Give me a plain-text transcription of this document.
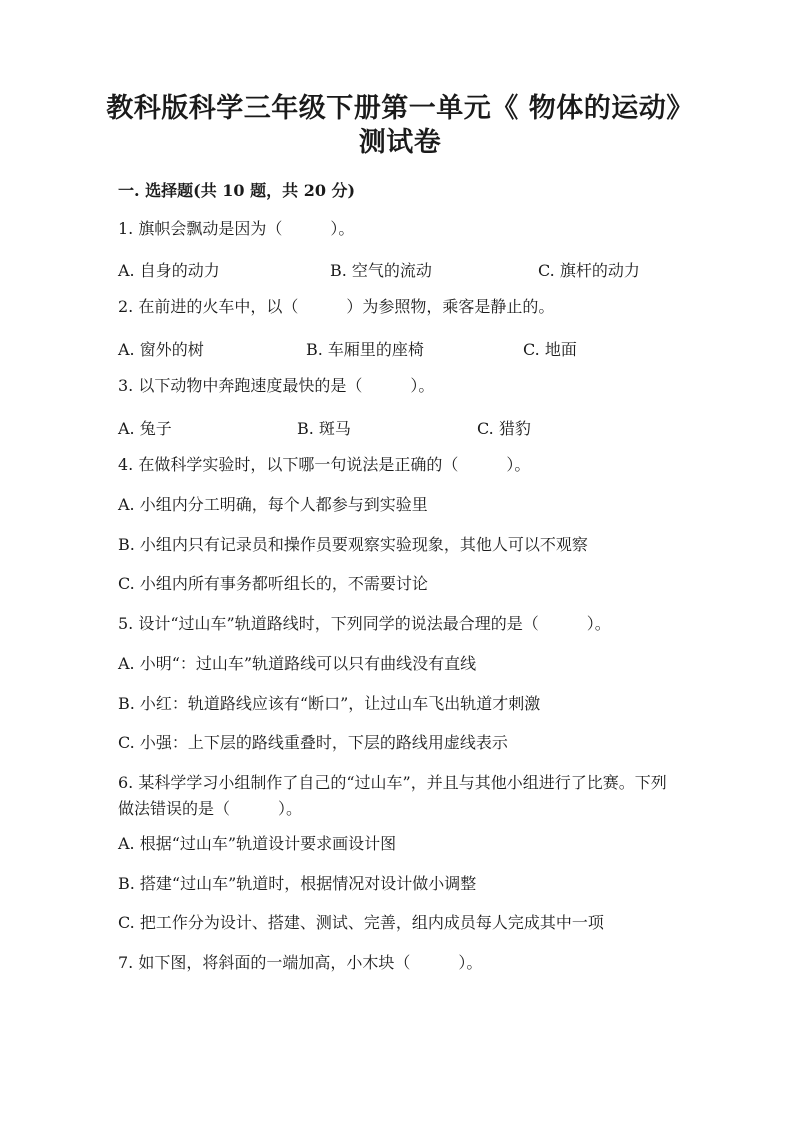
教科版科学三年级下册第一单元《 物体的运动》测试卷
一. 选择题(共 10 题，共 20 分)
1. 旗帜会飘动是因为（　　　）。
A. 自身的动力	B. 空气的流动	C. 旗杆的动力
2. 在前进的火车中，以（　　　）为参照物，乘客是静止的。
A. 窗外的树	B. 车厢里的座椅	C. 地面
3. 以下动物中奔跑速度最快的是（　　　）。
A. 兔子	B. 斑马	C. 猎豹
4. 在做科学实验时，以下哪一句说法是正确的（　　　）。
A. 小组内分工明确，每个人都参与到实验里
B. 小组内只有记录员和操作员要观察实验现象，其他人可以不观察
C. 小组内所有事务都听组长的，不需要讨论
5. 设计“过山车”轨道路线时，下列同学的说法最合理的是（　　　）。
A. 小明“：过山车”轨道路线可以只有曲线没有直线
B. 小红：轨道路线应该有“断口”，让过山车飞出轨道才刺激
C. 小强：上下层的路线重叠时，下层的路线用虚线表示
6. 某科学学习小组制作了自己的“过山车”，并且与其他小组进行了比赛。下列做法错误的是（　　　）。
A. 根据“过山车”轨道设计要求画设计图
B. 搭建“过山车”轨道时，根据情况对设计做小调整
C. 把工作分为设计、搭建、测试、完善，组内成员每人完成其中一项
7. 如下图，将斜面的一端加高，小木块（　　　）。
